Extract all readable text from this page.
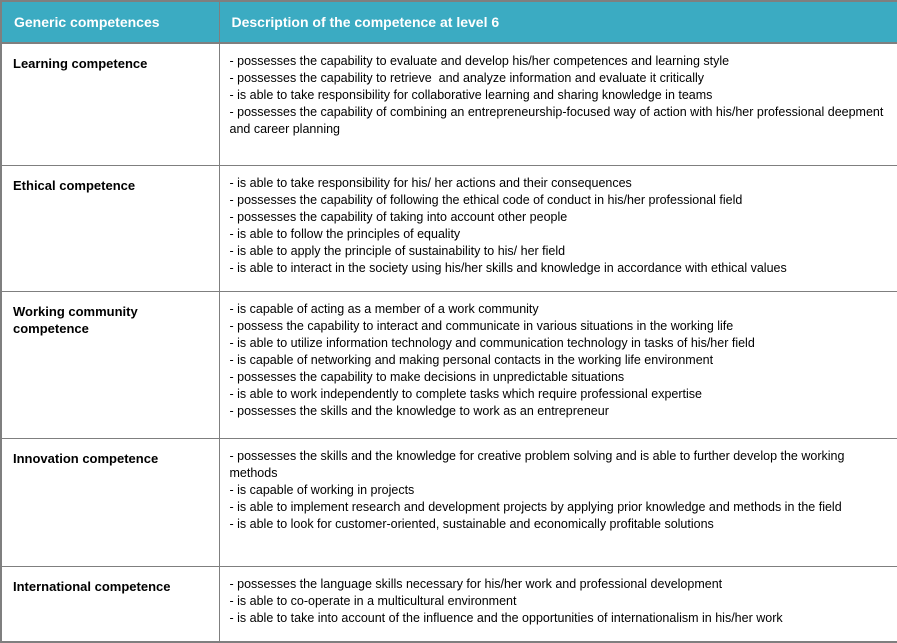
Generic competences	Description of the competence at level 6
Learning competence	- possesses the capability to evaluate and develop his/her competences and learning style
- possesses the capability to retrieve  and analyze information and evaluate it critically
- is able to take responsibility for collaborative learning and sharing knowledge in teams
- possesses the capability of combining an entrepreneurship-focused way of action with his/her professional deepment and career planning

Ethical competence	- is able to take responsibility for his/ her actions and their consequences
- possesses the capability of following the ethical code of conduct in his/her professional field
- possesses the capability of taking into account other people
- is able to follow the principles of equality
- is able to apply the principle of sustainability to his/ her field
- is able to interact in the society using his/her skills and knowledge in accordance with ethical values

Working community competence	
- is capable of acting as a member of a work community
- possess the capability to interact and communicate in various situations in the working life
- is able to utilize information technology and communication technology in tasks of his/her field
- is capable of networking and making personal contacts in the working life environment
- possesses the capability to make decisions in unpredictable situations
- is able to work independently to complete tasks which require professional expertise
- possesses the skills and the knowledge to work as an entrepreneur

Innovation competence	- possesses the skills and the knowledge for creative problem solving and is able to further develop the working methods
- is capable of working in projects
- is able to implement research and development projects by applying prior knowledge and methods in the field
- is able to look for customer-oriented, sustainable and economically profitable solutions

International competence	- possesses the language skills necessary for his/her work and professional development
- is able to co-operate in a multicultural environment
- is able to take into account of the influence and the opportunities of internationalism in his/her work
